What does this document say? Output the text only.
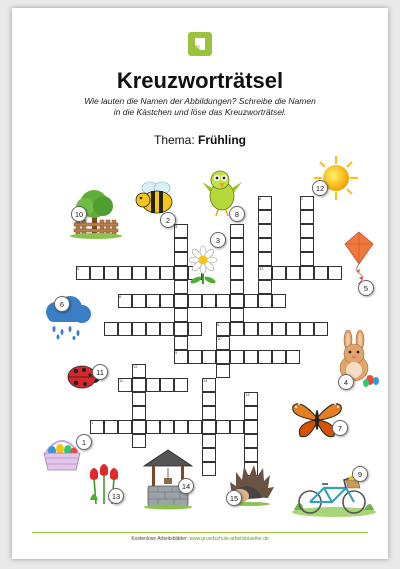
Kreuzworträtsel
Wie lauten die Namen der Abbildungen? Schreibe die Namen
in die Kästchen und löse das Kreuzworträtsel.
Thema: Frühling
8
12
2
3
5
6
8
10
9
12
13
1
14
11
10
2
8
12
3
5
6
4
11
7
1
13
14
15
9
Kostenlose Arbeitsblätter: www.grundschule-arbeitsblaetter.de
